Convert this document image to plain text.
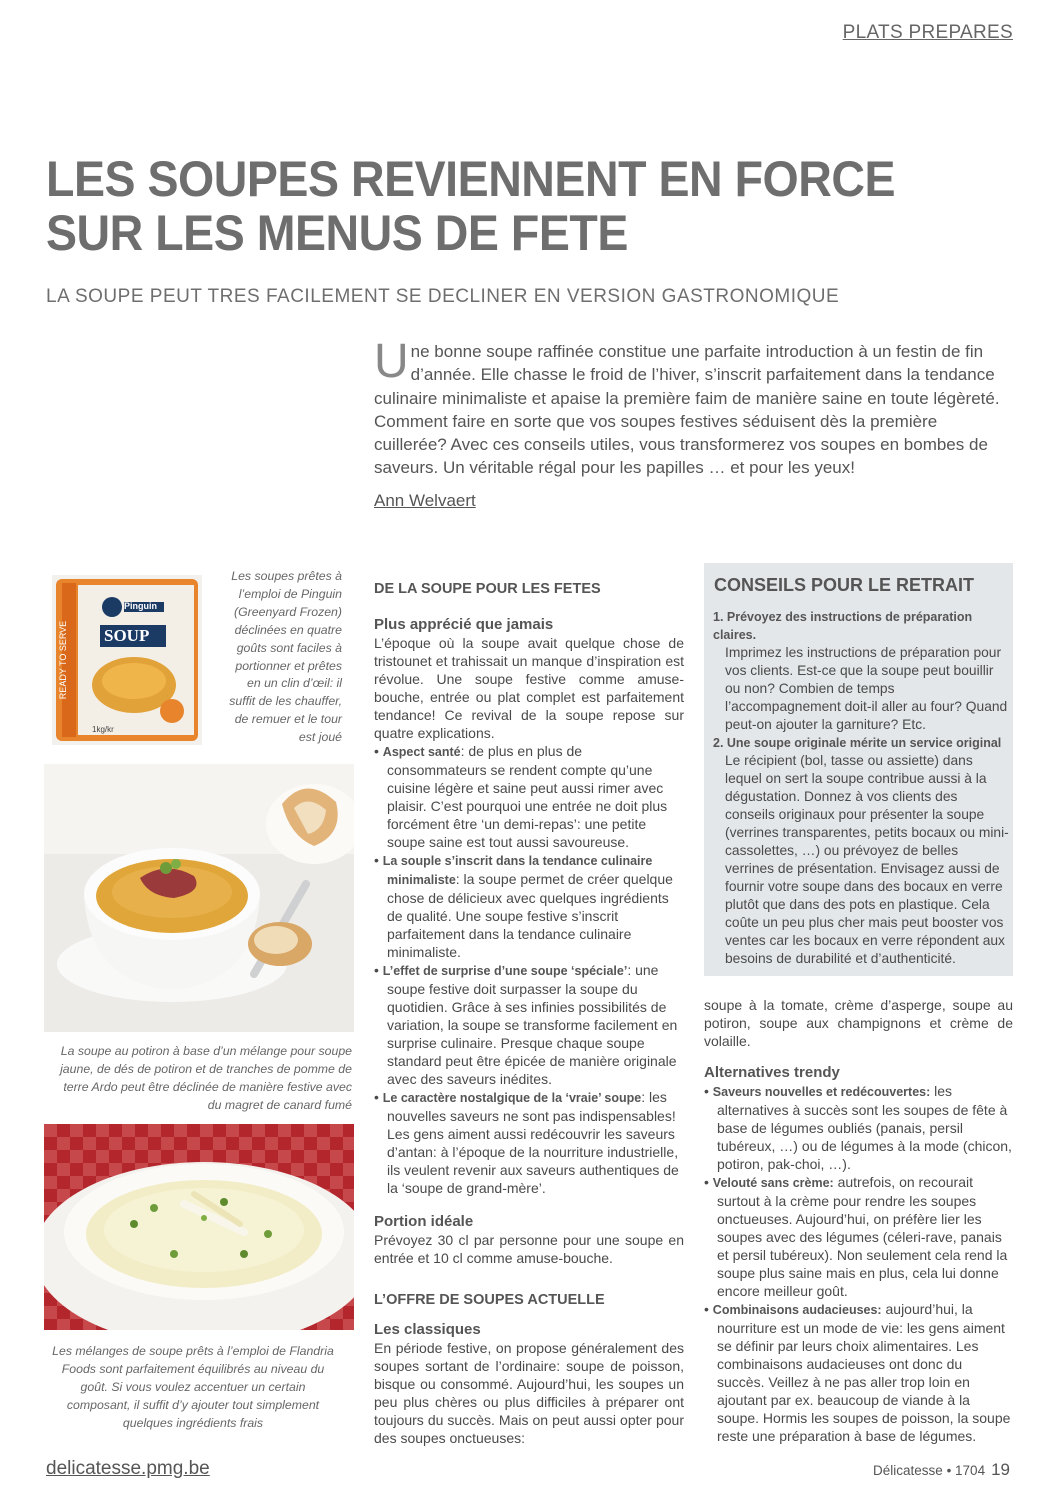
PLATS PREPARES
LES SOUPES REVIENNENT EN FORCE
SUR LES MENUS DE FETE
LA SOUPE PEUT TRES FACILEMENT SE DECLINER EN VERSION GASTRONOMIQUE
Une bonne soupe raffinée constitue une parfaite introduction à un festin de fin d’année. Elle chasse le froid de l’hiver, s’inscrit parfaitement dans la tendance culinaire minimaliste et apaise la première faim de manière saine en toute légèreté. Comment faire en sorte que vos soupes festives séduisent dès la première cuillerée? Avec ces conseils utiles, vous transformerez vos soupes en bombes de saveurs. Un véritable régal pour les papilles … et pour les yeux!
Ann Welvaert
Pinguin
SOUP
READY TO SERVE
1kg/kr
Les soupes prêtes à l’emploi de Pinguin (Greenyard Frozen) déclinées en quatre goûts sont faciles à portionner et prêtes en un clin d’œil: il suffit de les chauffer, de remuer et le tour est joué
La soupe au potiron à base d’un mélange pour soupe jaune, de dés de potiron et de tranches de pomme de terre Ardo peut être déclinée de manière festive avec du magret de canard fumé
Les mélanges de soupe prêts à l’emploi de Flandria Foods sont parfaitement équilibrés au niveau du goût. Si vous voulez accentuer un certain composant, il suffit d’y ajouter tout simplement quelques ingrédients frais
DE LA SOUPE POUR LES FETES
Plus apprécié que jamais

L’époque où la soupe avait quelque chose de tristounet et trahissait un manque d’inspiration est révolue. Une soupe festive comme amuse-bouche, entrée ou plat complet est parfaitement tendance! Ce revival de la soupe repose sur quatre explications.

• Aspect santé: de plus en plus de consommateurs se rendent compte qu’une cuisine légère et saine peut aussi rimer avec plaisir. C’est pourquoi une entrée ne doit plus forcément être ‘un demi-repas’: une petite soupe saine est tout aussi savoureuse.
• La souple s’inscrit dans la tendance culinaire minimaliste: la soupe permet de créer quelque chose de délicieux avec quelques ingrédients de qualité. Une soupe festive s’inscrit parfaitement dans la tendance culinaire minimaliste.
• L’effet de surprise d’une soupe ‘spéciale’: une soupe festive doit surpasser la soupe du quotidien. Grâce à ses infinies possibilités de variation, la soupe se transforme facilement en surprise culinaire. Presque chaque soupe standard peut être épicée de manière originale avec des saveurs inédites.
• Le caractère nostalgique de la ‘vraie’ soupe: les nouvelles saveurs ne sont pas indispensables! Les gens aiment aussi redécouvrir les saveurs d’antan: à l’époque de la nourriture industrielle, ils veulent revenir aux saveurs authentiques de la ‘soupe de grand-mère’.
Portion idéale

Prévoyez 30 cl par personne pour une soupe en entrée et 10 cl comme amuse-bouche.

L’OFFRE DE SOUPES ACTUELLE
Les classiques

En période festive, on propose généralement des soupes sortant de l’ordinaire: soupe de poisson, bisque ou consommé. Aujourd’hui, les soupes un peu plus chères ou plus difficiles à préparer ont toujours du succès. Mais on peut aussi opter pour des soupes onctueuses:

CONSEILS POUR LE RETRAIT
1. Prévoyez des instructions de préparation claires.

Imprimez les instructions de préparation pour vos clients. Est-ce que la soupe peut bouillir ou non? Combien de temps l’accompagnement doit-il aller au four? Quand peut-on ajouter la garniture? Etc.

2. Une soupe originale mérite un service original

Le récipient (bol, tasse ou assiette) dans lequel on sert la soupe contribue aussi à la dégustation. Donnez à vos clients des conseils originaux pour présenter la soupe (verrines transparentes, petits bocaux ou mini-cassolettes, …) ou prévoyez de belles verrines de présentation. Envisagez aussi de fournir votre soupe dans des bocaux en verre plutôt que dans des pots en plastique. Cela coûte un peu plus cher mais peut booster vos ventes car les bocaux en verre répondent aux besoins de durabilité et d’authenticité.

soupe à la tomate, crème d’asperge, soupe au potiron, soupe aux champignons et crème de volaille.

Alternatives trendy
• Saveurs nouvelles et redécouvertes: les alternatives à succès sont les soupes de fête à base de légumes oubliés (panais, persil tubéreux, …) ou de légumes à la mode (chicon, potiron, pak-choi, …).
• Velouté sans crème: autrefois, on recourait surtout à la crème pour rendre les soupes onctueuses. Aujourd’hui, on préfère lier les soupes avec des légumes (céleri-rave, panais et persil tubéreux). Non seulement cela rend la soupe plus saine mais en plus, cela lui donne encore meilleur goût.
• Combinaisons audacieuses: aujourd’hui, la nourriture est un mode de vie: les gens aiment se définir par leurs choix alimentaires. Les combinaisons audacieuses ont donc du succès. Veillez à ne pas aller trop loin en ajoutant par ex. beaucoup de viande à la soupe. Hormis les soupes de poisson, la soupe reste une préparation à base de légumes.
delicatesse.pmg.be	Délicatesse • 1704 19
